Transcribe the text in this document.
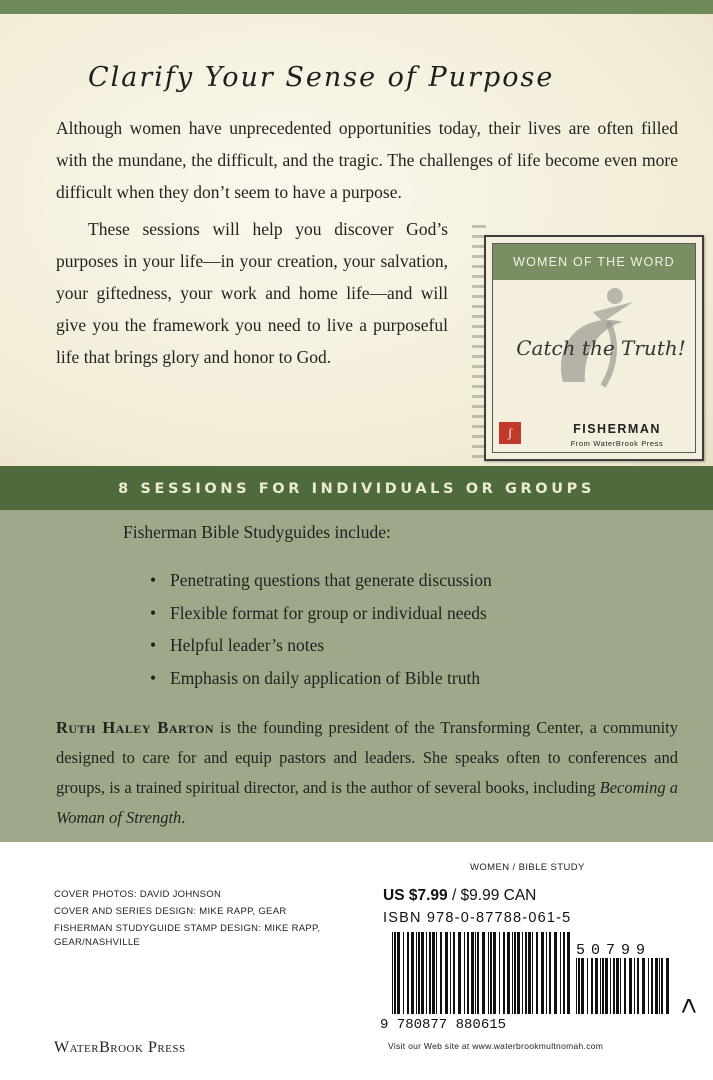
Clarify Your Sense of Purpose

Although women have unprecedented opportunities today, their lives are often filled with the mundane, the difficult, and the tragic. The challenges of life become even more difficult when they don’t seem to have a purpose.

These sessions will help you discover God’s purposes in your life—in your creation, your salvation, your giftedness, your work and home life—and will give you the framework you need to live a purposeful life that brings glory and honor to God.

WOMEN OF THE WORD
Catch the Truth!
ʃ	FISHERMAN
From WaterBrook Press
8 SESSIONS FOR INDIVIDUALS OR GROUPS

Fisherman Bible Studyguides include:

• Penetrating questions that generate discussion
• Flexible format for group or individual needs
• Helpful leader’s notes
• Emphasis on daily application of Bible truth

Ruth Haley Barton is the founding president of the Transforming Center, a community designed to care for and equip pastors and leaders. She speaks often to conferences and groups, is a trained spiritual director, and is the author of several books, including Becoming a Woman of Strength.

COVER PHOTOS: DAVID JOHNSON
COVER AND SERIES DESIGN: MIKE RAPP, GEAR
FISHERMAN STUDYGUIDE STAMP DESIGN: MIKE RAPP, GEAR/NASHVILLE
WOMEN / BIBLE STUDY
US $7.99 / $9.99 CAN
ISBN 978-0-87788-061-5
9 780877 880615
50799
>
WaterBrook Press	Visit our Web site at www.waterbrookmultnomah.com
